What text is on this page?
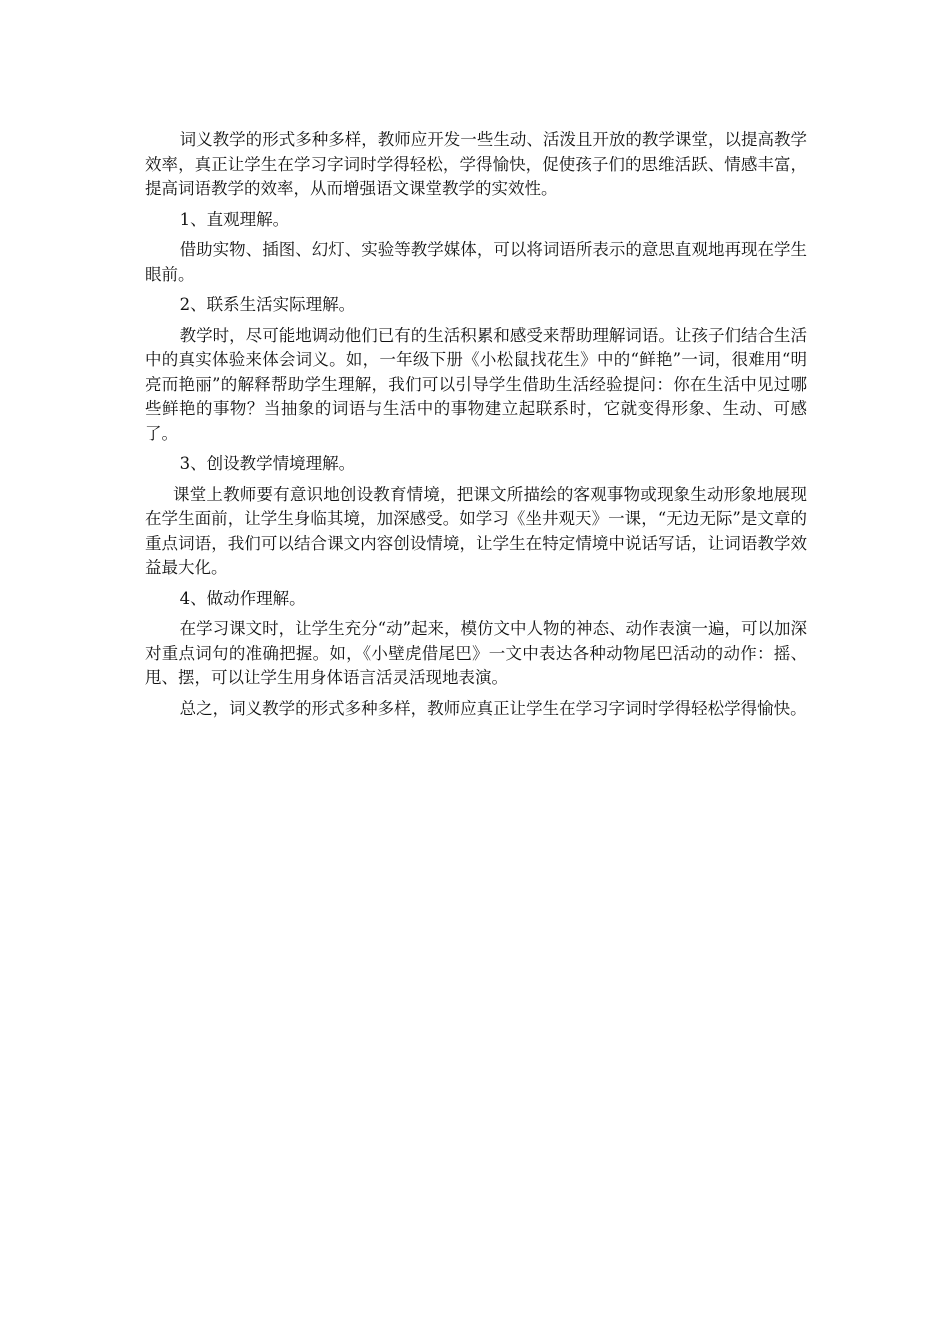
词义教学的形式多种多样，教师应开发一些生动、活泼且开放的教学课堂，以提高教学效率，真正让学生在学习字词时学得轻松，学得愉快，促使孩子们的思维活跃、情感丰富，提高词语教学的效率，从而增强语文课堂教学的实效性。

1、直观理解。

借助实物、插图、幻灯、实验等教学媒体，可以将词语所表示的意思直观地再现在学生眼前。

2、联系生活实际理解。

教学时，尽可能地调动他们已有的生活积累和感受来帮助理解词语。让孩子们结合生活中的真实体验来体会词义。如，一年级下册《小松鼠找花生》中的“鲜艳”一词，很难用“明亮而艳丽”的解释帮助学生理解，我们可以引导学生借助生活经验提问：你在生活中见过哪些鲜艳的事物？当抽象的词语与生活中的事物建立起联系时，它就变得形象、生动、可感了。

3、创设教学情境理解。

课堂上教师要有意识地创设教育情境，把课文所描绘的客观事物或现象生动形象地展现在学生面前，让学生身临其境，加深感受。如学习《坐井观天》一课，“无边无际”是文章的重点词语，我们可以结合课文内容创设情境，让学生在特定情境中说话写话，让词语教学效益最大化。

4、做动作理解。

在学习课文时，让学生充分“动”起来，模仿文中人物的神态、动作表演一遍，可以加深对重点词句的准确把握。如，《小壁虎借尾巴》一文中表达各种动物尾巴活动的动作：摇、甩、摆，可以让学生用身体语言活灵活现地表演。

总之，词义教学的形式多种多样，教师应真正让学生在学习字词时学得轻松学得愉快。
